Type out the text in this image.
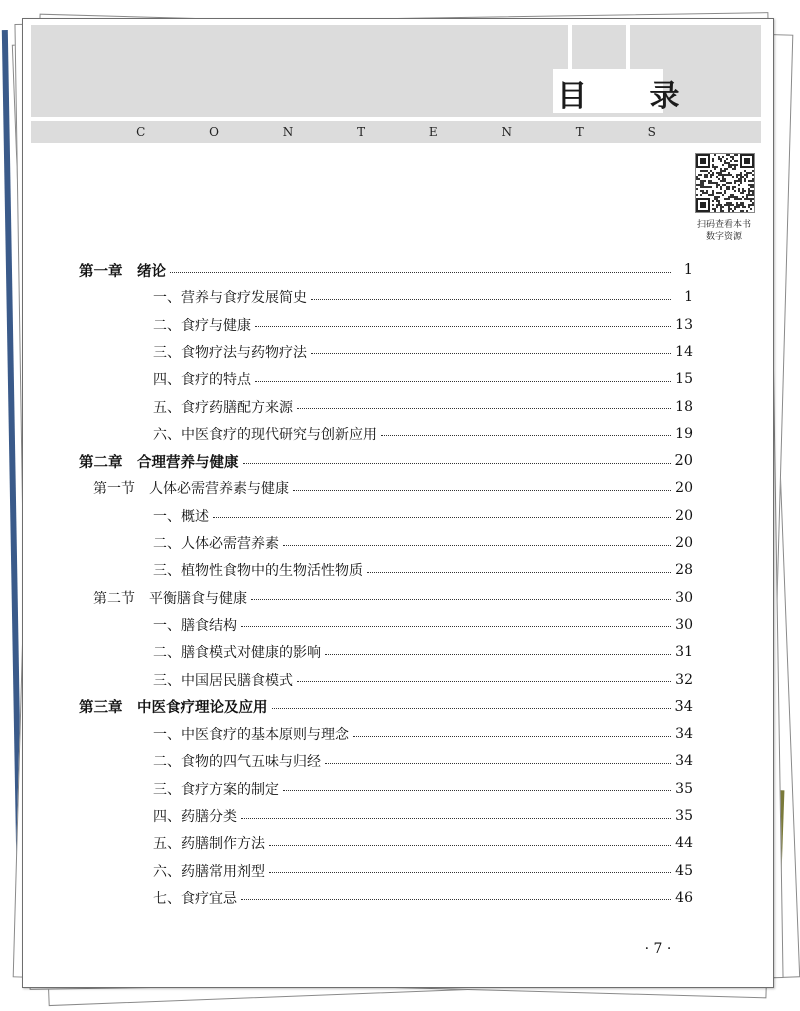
目 录
C O N T E N T S
扫码查看本书
数字资源
第一章　绪论	1
一、营养与食疗发展简史	1
二、食疗与健康	13
三、食物疗法与药物疗法	14
四、食疗的特点	15
五、食疗药膳配方来源	18
六、中医食疗的现代研究与创新应用	19
第二章　合理营养与健康	20
第一节　人体必需营养素与健康	20
一、概述	20
二、人体必需营养素	20
三、植物性食物中的生物活性物质	28
第二节　平衡膳食与健康	30
一、膳食结构	30
二、膳食模式对健康的影响	31
三、中国居民膳食模式	32
第三章　中医食疗理论及应用	34
一、中医食疗的基本原则与理念	34
二、食物的四气五味与归经	34
三、食疗方案的制定	35
四、药膳分类	35
五、药膳制作方法	44
六、药膳常用剂型	45
七、食疗宜忌	46
· 7 ·
